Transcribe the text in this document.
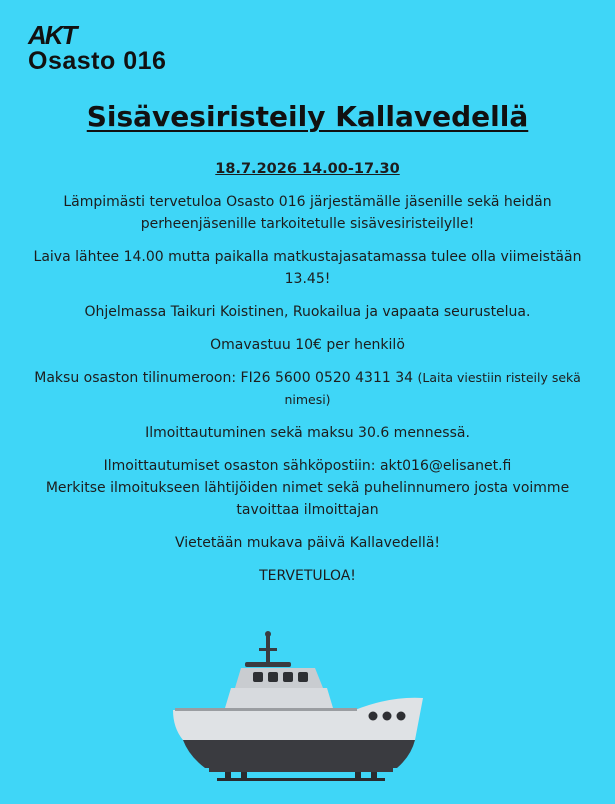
AKT
Osasto 016
Sisävesiristeily Kallavedellä

18.7.2026 14.00-17.30

Lämpimästi tervetuloa Osasto 016 järjestämälle jäsenille sekä heidän perheenjäsenille tarkoitetulle sisävesiristeilylle!

Laiva lähtee 14.00 mutta paikalla matkustajasatamassa tulee olla viimeistään 13.45!

Ohjelmassa Taikuri Koistinen, Ruokailua ja vapaata seurustelua.

Omavastuu 10€ per henkilö

Maksu osaston tilinumeroon: FI26 5600 0520 4311 34 (Laita viestiin risteily sekä nimesi)

Ilmoittautuminen sekä maksu 30.6 mennessä.

Ilmoittautumiset osaston sähköpostiin: akt016@elisanet.fi
Merkitse ilmoitukseen lähtijöiden nimet sekä puhelinnumero josta voimme tavoittaa ilmoittajan

Vietetään mukava päivä Kallavedellä!

TERVETULOA!
